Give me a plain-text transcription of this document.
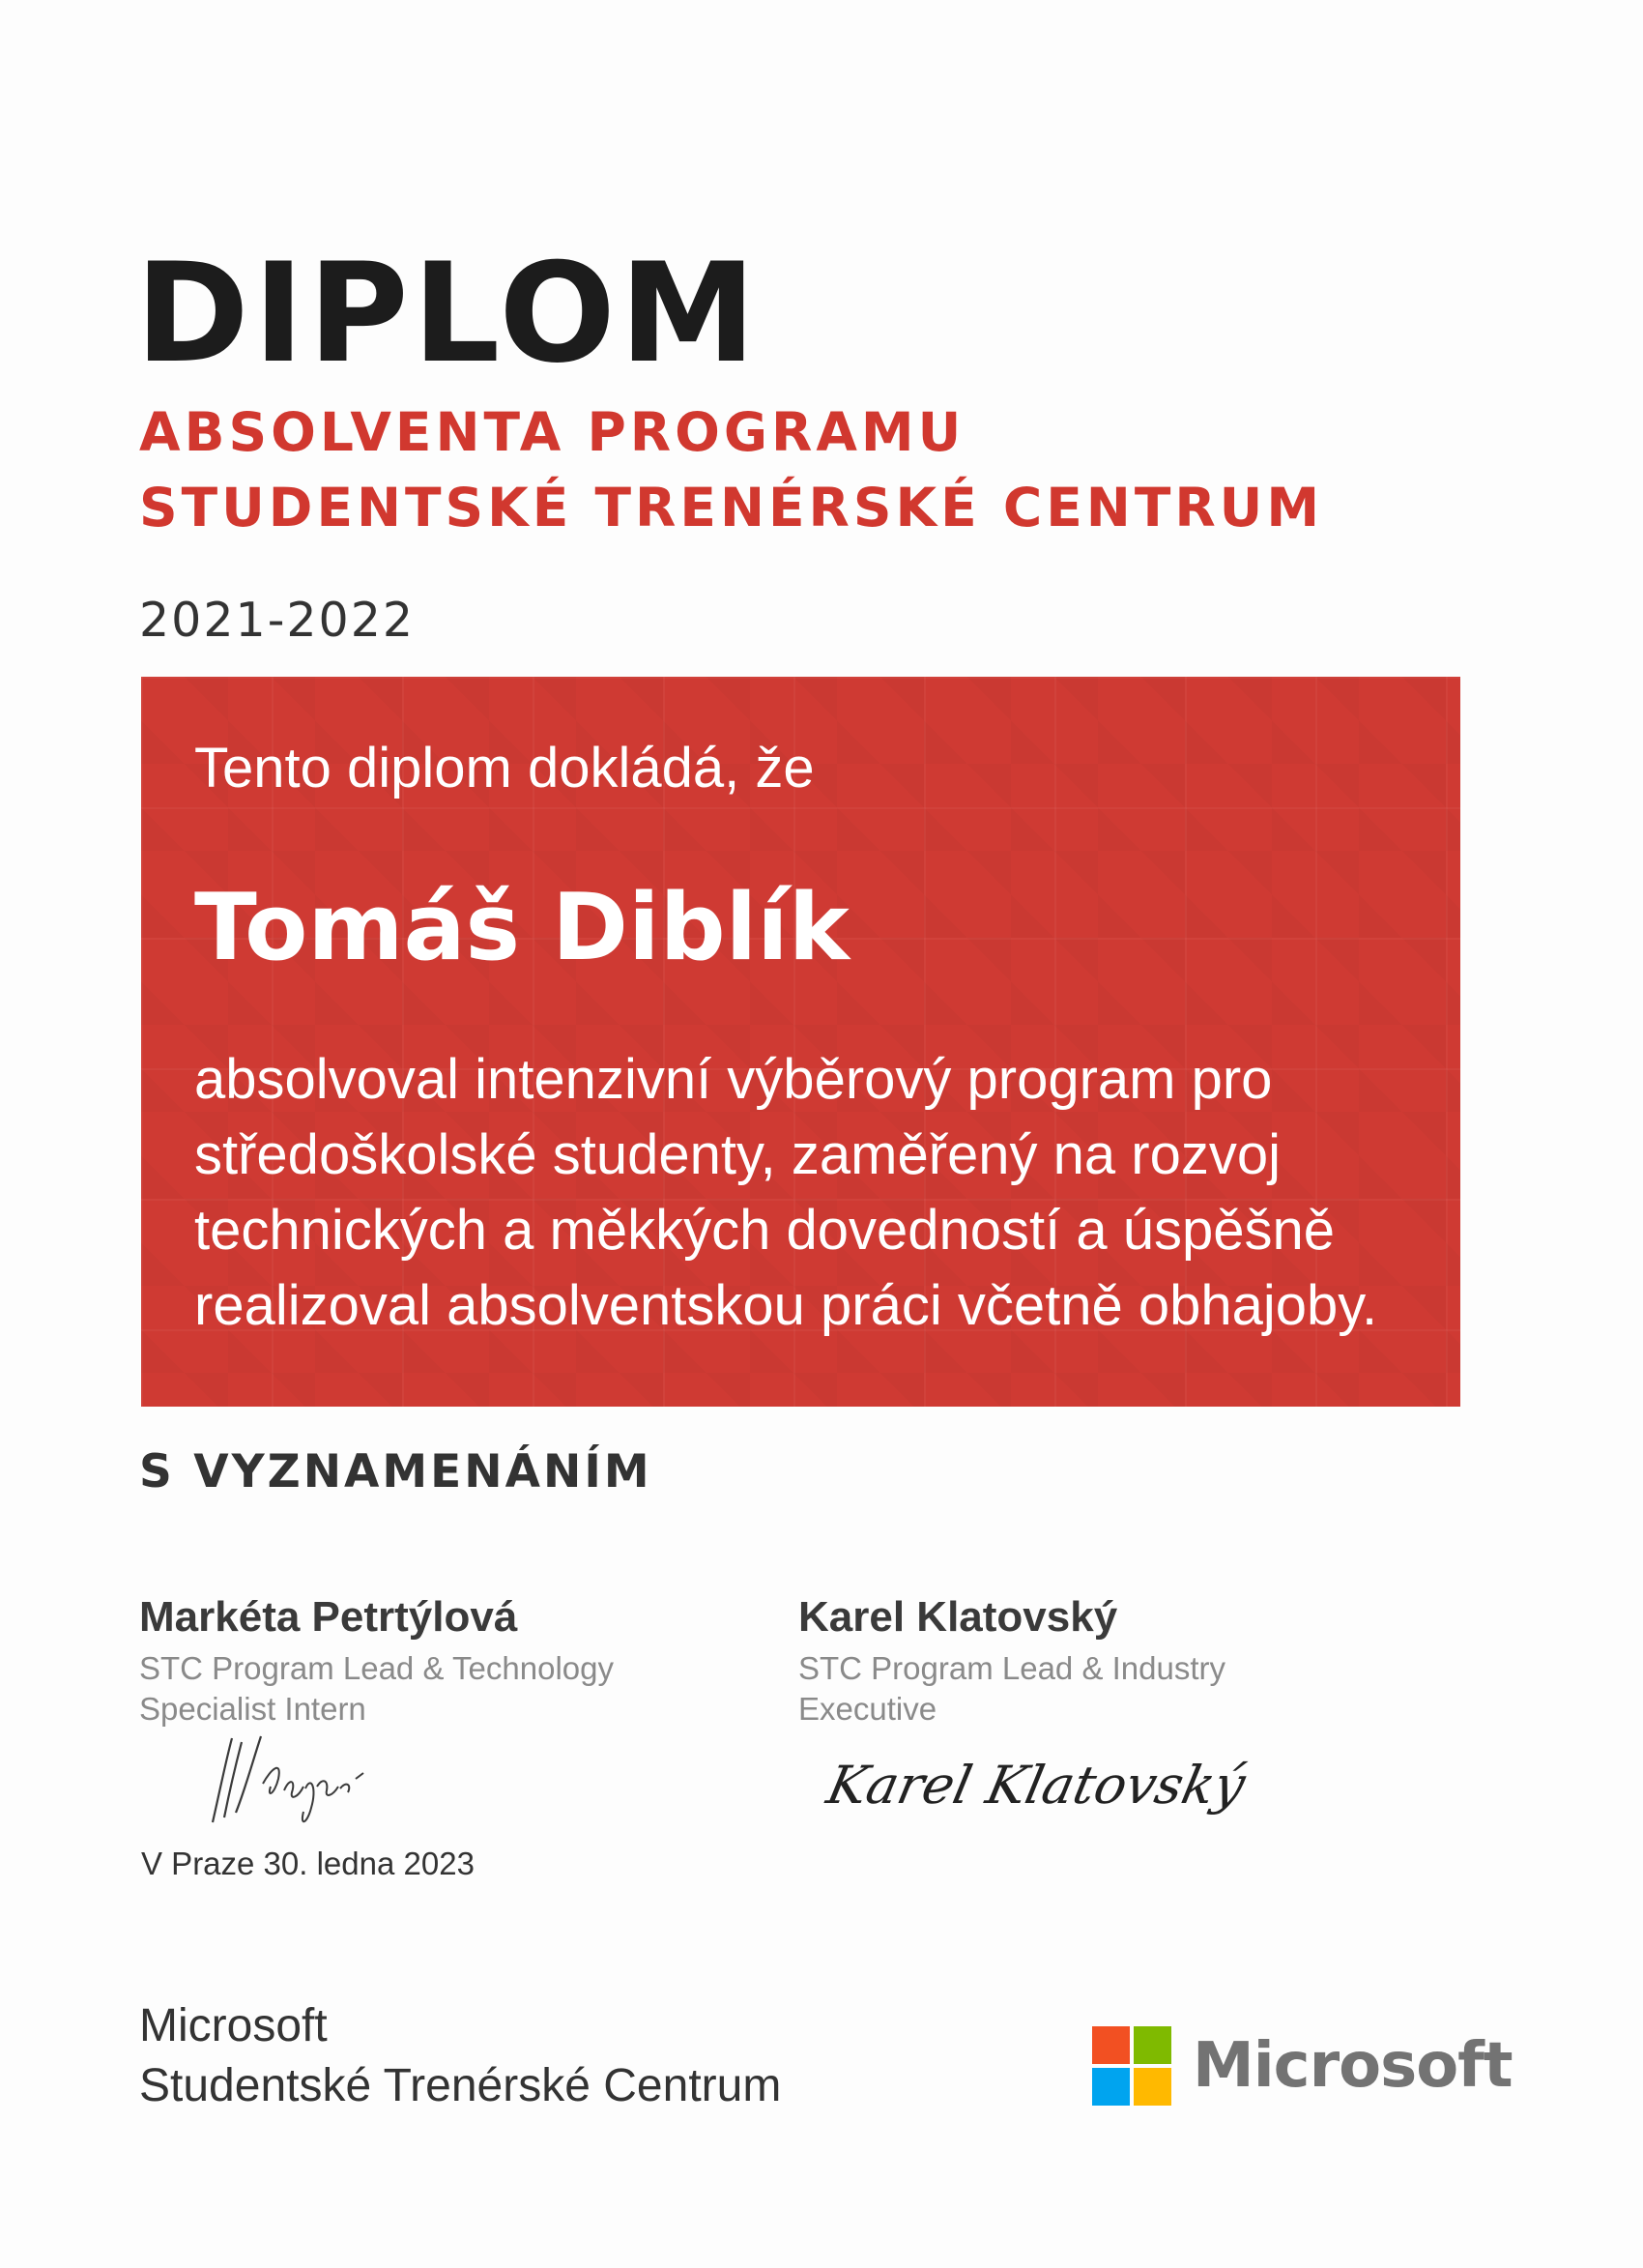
DIPLOM
ABSOLVENTA PROGRAMU
STUDENTSKÉ TRENÉRSKÉ CENTRUM
2021-2022
Tento diplom dokládá, že
Tomáš Diblík
absolvoval intenzivní výběrový program pro středoškolské studenty, zaměřený na rozvoj technických a měkkých dovedností a úspěšně realizoval absolventskou práci včetně obhajoby.
S VYZNAMENÁNÍM
Markéta Petrtýlová
STC Program Lead & Technology Specialist Intern
Karel Klatovský
STC Program Lead & Industry Executive
Karel Klatovský
V Praze 30. ledna 2023
Microsoft
Studentské Trenérské Centrum	Microsoft
